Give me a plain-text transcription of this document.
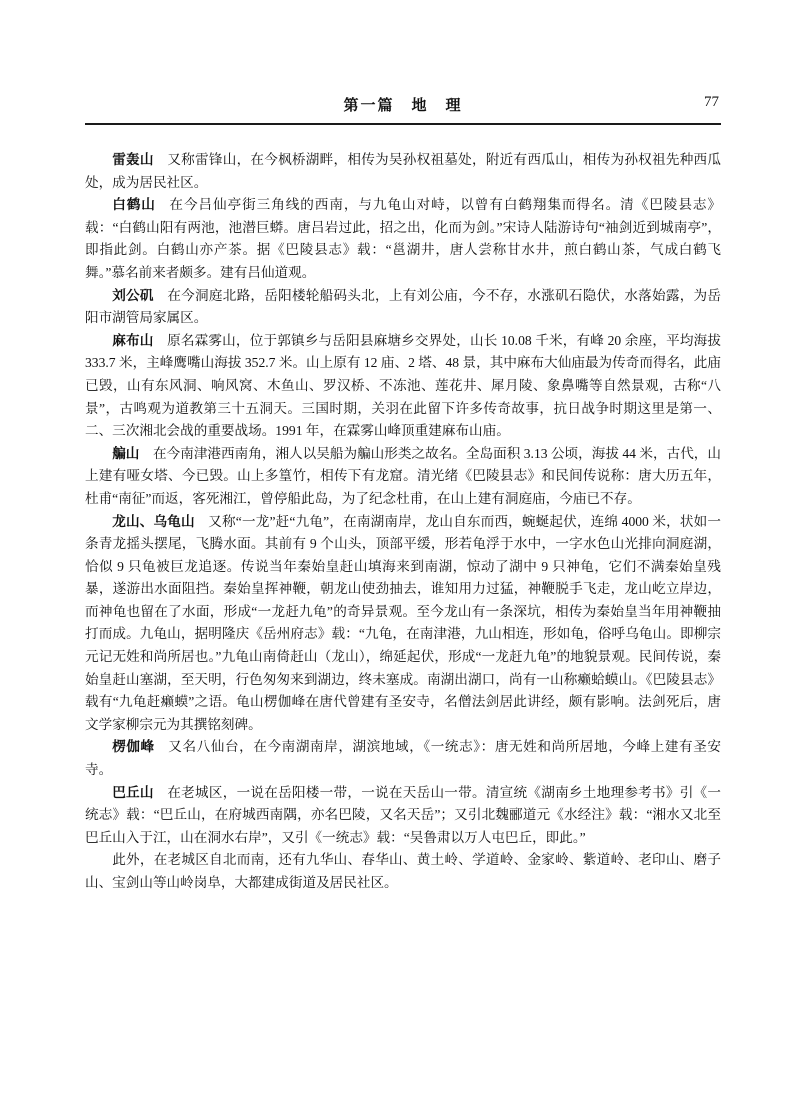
第一篇　地　理	77

雷轰山 又称雷锋山，在今枫桥湖畔，相传为吴孙权祖墓处，附近有西瓜山，相传为孙权祖先种西瓜处，成为居民社区。

白鹤山 在今吕仙亭街三角线的西南，与九龟山对峙，以曾有白鹤翔集而得名。清《巴陵县志》载：“白鹤山阳有两池，池潜巨蟒。唐吕岩过此，招之出，化而为剑。”宋诗人陆游诗句“袖剑近到城南亭”，即指此剑。白鹤山亦产茶。据《巴陵县志》载：“邕湖井，唐人尝称甘水井，煎白鹤山茶，气成白鹤飞舞。”慕名前来者颇多。建有吕仙道观。

刘公矶 在今洞庭北路，岳阳楼轮船码头北，上有刘公庙，今不存，水涨矶石隐伏，水落始露，为岳阳市湖管局家属区。

麻布山 原名霖雾山，位于郭镇乡与岳阳县麻塘乡交界处，山长 10.08 千米，有峰 20 余座，平均海拔 333.7 米，主峰鹰嘴山海拔 352.7 米。山上原有 12 庙、2 塔、48 景，其中麻布大仙庙最为传奇而得名，此庙已毁，山有东风洞、响风窝、木鱼山、罗汉桥、不冻池、莲花井、犀月陵、象鼻嘴等自然景观，古称“八景”，古鸣观为道教第三十五洞天。三国时期，关羽在此留下许多传奇故事，抗日战争时期这里是第一、二、三次湘北会战的重要战场。1991 年，在霖雾山峰顶重建麻布山庙。

艑山 在今南津港西南角，湘人以吴船为艑山形类之故名。全岛面积 3.13 公顷，海拔 44 米，古代，山上建有哑女塔、今已毁。山上多篁竹，相传下有龙窟。清光绪《巴陵县志》和民间传说称：唐大历五年，杜甫“南征”而返，客死湘江，曾停船此岛，为了纪念杜甫，在山上建有洞庭庙，今庙已不存。

龙山、乌龟山 又称“一龙”赶“九龟”，在南湖南岸，龙山自东而西，蜿蜒起伏，连绵 4000 米，状如一条青龙摇头摆尾，飞腾水面。其前有 9 个山头，顶部平缓，形若龟浮于水中，一字水色山光排向洞庭湖，恰似 9 只龟被巨龙追逐。传说当年秦始皇赶山填海来到南湖，惊动了湖中 9 只神龟，它们不满秦始皇残暴，遂游出水面阻挡。秦始皇挥神鞭，朝龙山使劲抽去，谁知用力过猛，神鞭脱手飞走，龙山屹立岸边，而神龟也留在了水面，形成“一龙赶九龟”的奇异景观。至今龙山有一条深坑，相传为秦始皇当年用神鞭抽打而成。九龟山，据明隆庆《岳州府志》载：“九龟，在南津港，九山相连，形如龟，俗呼乌龟山。即柳宗元记无姓和尚所居也。”九龟山南倚赶山（龙山），绵延起伏，形成“一龙赶九龟”的地貌景观。民间传说，秦始皇赶山塞湖，至天明，行色匆匆来到湖边，终未塞成。南湖出湖口，尚有一山称癞蛤蟆山。《巴陵县志》载有“九龟赶癞蟆”之语。龟山楞伽峰在唐代曾建有圣安寺，名僧法剑居此讲经，颇有影响。法剑死后，唐文学家柳宗元为其撰铭刻碑。

楞伽峰 又名八仙台，在今南湖南岸，湖滨地域，《一统志》：唐无姓和尚所居地，今峰上建有圣安寺。

巴丘山 在老城区，一说在岳阳楼一带，一说在天岳山一带。清宣统《湖南乡土地理参考书》引《一统志》载：“巴丘山，在府城西南隅，亦名巴陵，又名天岳”；又引北魏郦道元《水经注》载：“湘水又北至巴丘山入于江，山在洞水右岸”，又引《一统志》载：“吴鲁肃以万人屯巴丘，即此。”

此外，在老城区自北而南，还有九华山、春华山、黄土岭、学道岭、金家岭、紫道岭、老印山、磨子山、宝剑山等山岭岗阜，大都建成街道及居民社区。
